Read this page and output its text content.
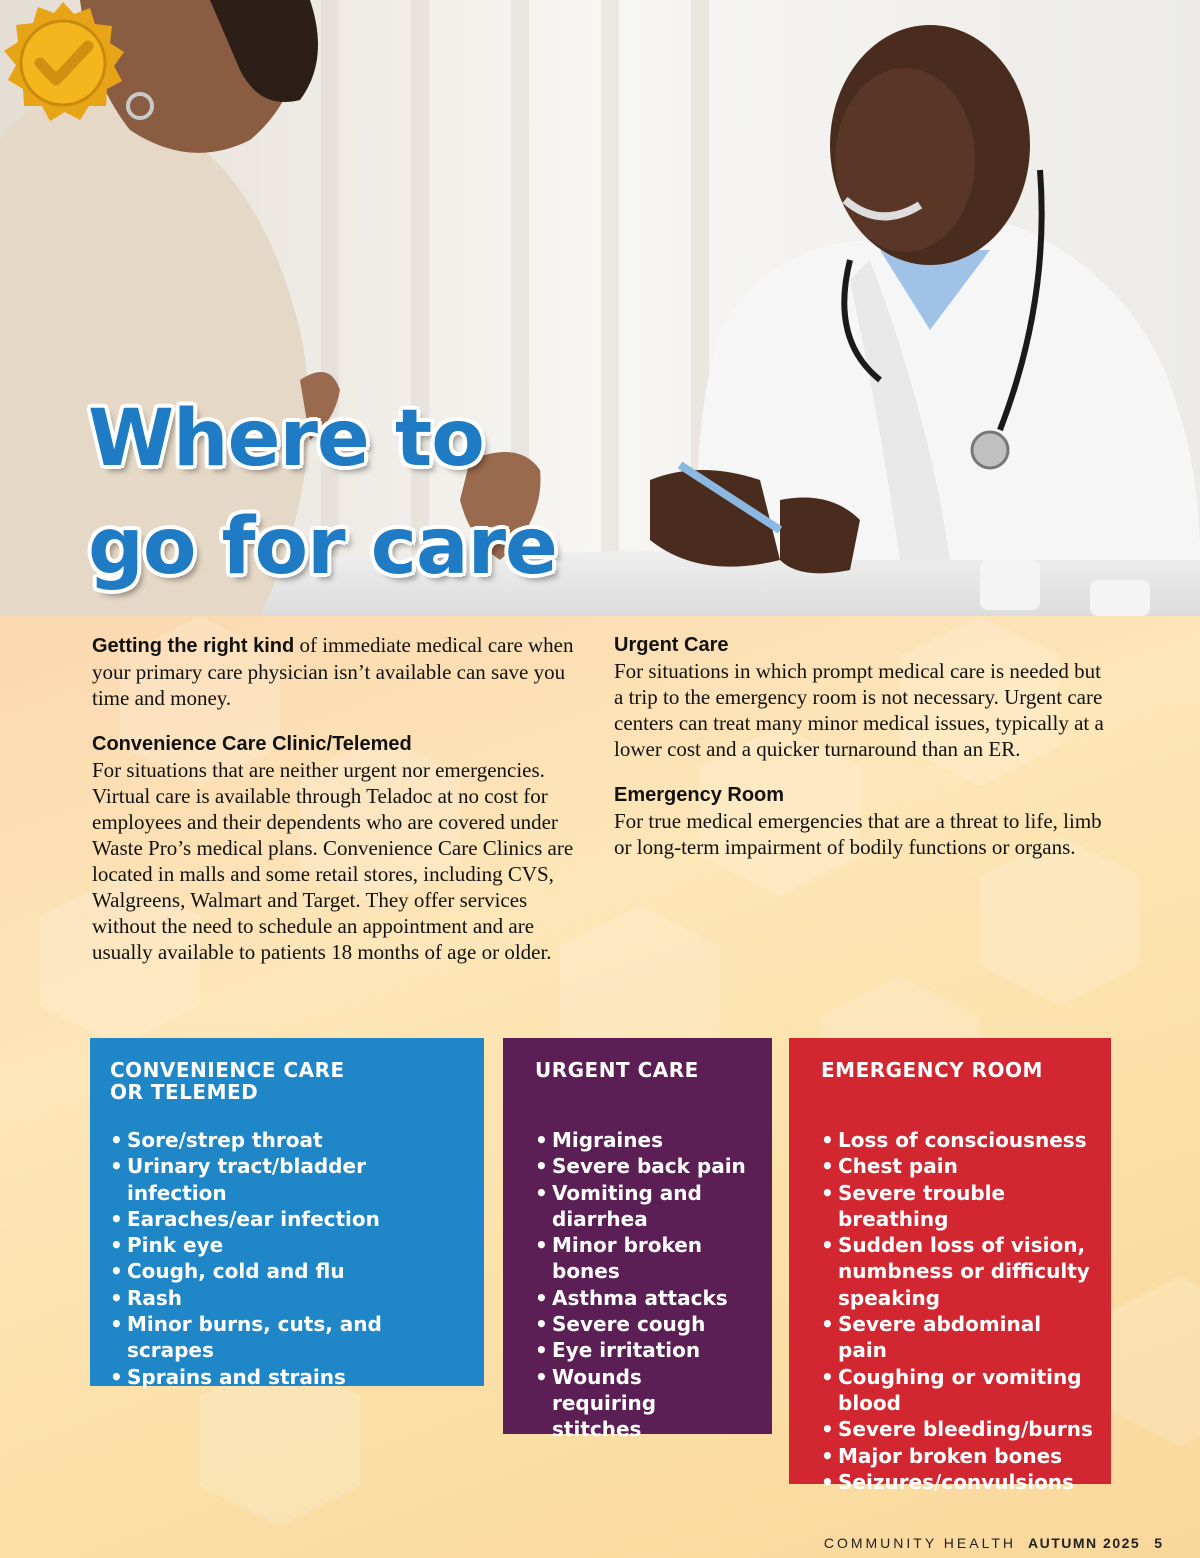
Where to
go for care

Getting the right kind of immediate medical care when your primary care physician isn’t available can save you time and money.

Convenience Care Clinic/Telemed
For situations that are neither urgent nor emergencies. Virtual care is available through Teladoc at no cost for employees and their dependents who are covered under Waste Pro’s medical plans. Convenience Care Clinics are located in malls and some retail stores, including CVS, Walgreens, Walmart and Target. They offer services without the need to schedule an appointment and are usually available to patients 18 months of age or older.

Urgent Care
For situations in which prompt medical care is needed but a trip to the emergency room is not necessary. Urgent care centers can treat many minor medical issues, typically at a lower cost and a quicker turnaround than an ER.

Emergency Room
For true medical emergencies that are a threat to life, limb or long-term impairment of bodily functions or organs.

CONVENIENCE CARE
OR TELEMED
• Sore/strep throat
• Urinary tract/bladder infection
• Earaches/ear infection
• Pink eye
• Cough, cold and flu
• Rash
• Minor burns, cuts, and scrapes
• Sprains and strains
URGENT CARE
• Migraines
• Severe back pain
• Vomiting and diarrhea
• Minor broken bones
• Asthma attacks
• Severe cough
• Eye irritation
• Wounds requiring stitches
EMERGENCY ROOM
• Loss of consciousness
• Chest pain
• Severe trouble breathing
• Sudden loss of vision, numbness or difficulty speaking
• Severe abdominal pain
• Coughing or vomiting blood
• Severe bleeding/burns
• Major broken bones
• Seizures/convulsions
COMMUNITY HEALTH AUTUMN 2025 5
